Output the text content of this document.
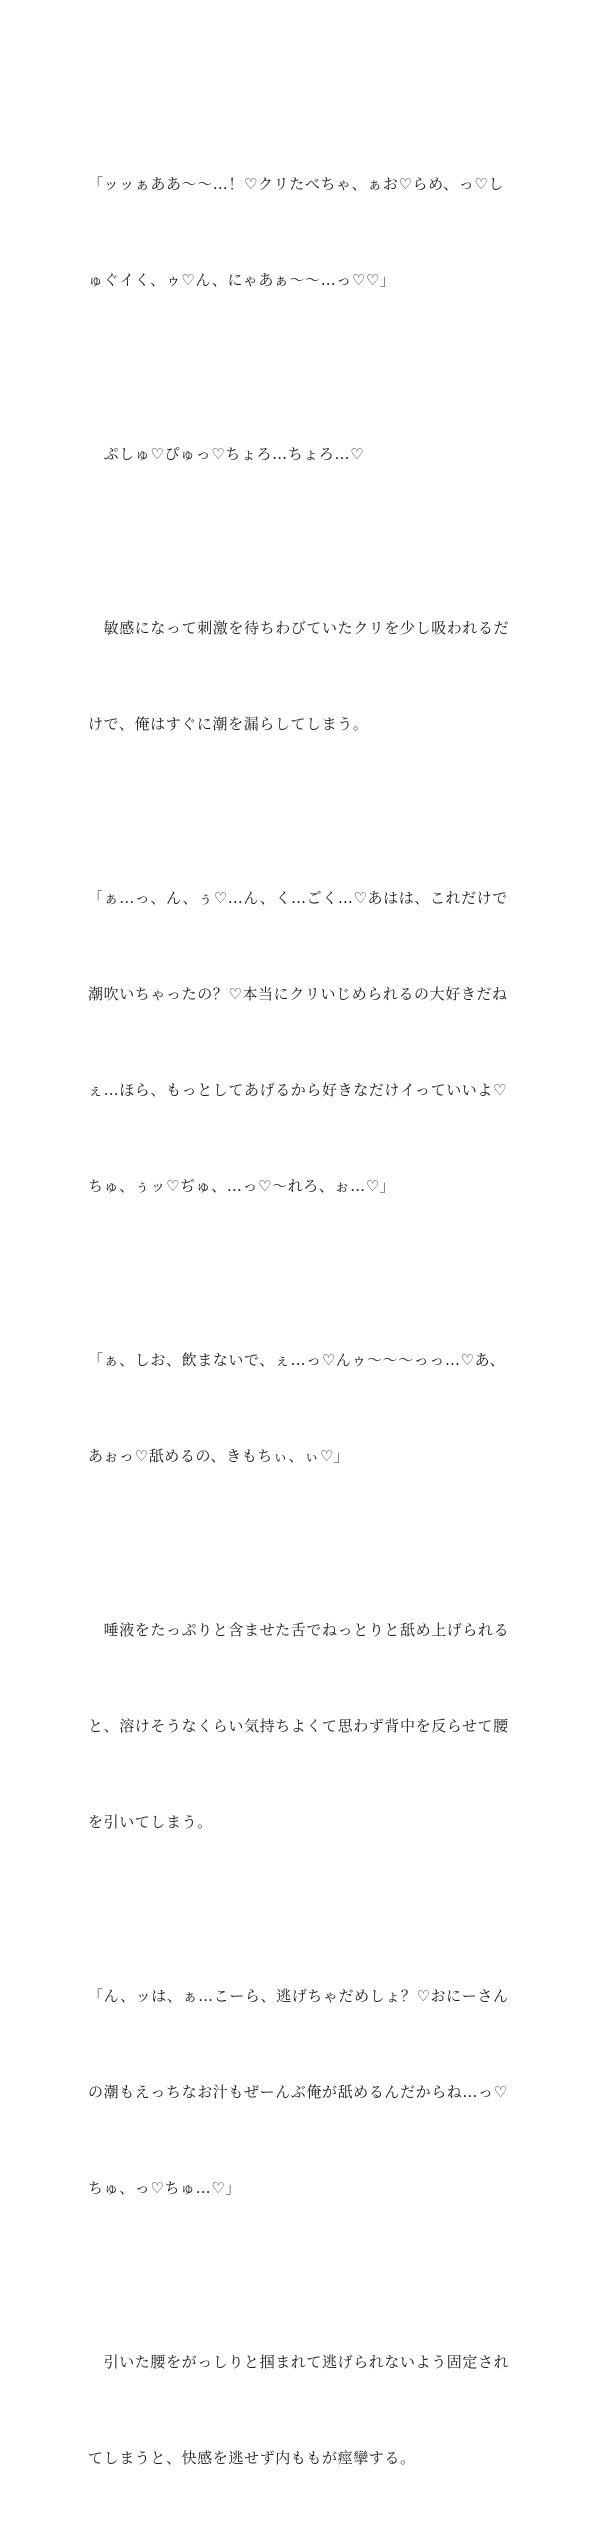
「ッッぁああ〜〜…！♡クリたべちゃ、ぁお♡らめ、っ♡し

ゅぐイく、ゥ♡ん、にゃあぁ〜〜…っ♡♡」

　ぷしゅ♡ぴゅっ♡ちょろ…ちょろ…♡

　敏感になって刺激を待ちわびていたクリを少し吸われるだ

けで、俺はすぐに潮を漏らしてしまう。

「ぁ…っ、ん、ぅ♡…ん、く…ごく…♡あはは、これだけで

潮吹いちゃったの？♡本当にクリいじめられるの大好きだね

ぇ…ほら、もっとしてあげるから好きなだけイっていいよ♡

ちゅ、ぅッ♡ぢゅ、…っ♡〜れろ、ぉ…♡」

「ぁ、しお、飲まないで、ぇ…っ♡んゥ〜〜〜っっ…♡あ、

あぉっ♡舐めるの、きもちぃ、ぃ♡」

　唾液をたっぷりと含ませた舌でねっとりと舐め上げられる

と、溶けそうなくらい気持ちよくて思わず背中を反らせて腰

を引いてしまう。

「ん、ッは、ぁ…こーら、逃げちゃだめしょ？♡おにーさん

の潮もえっちなお汁もぜーんぶ俺が舐めるんだからね…っ♡

ちゅ、っ♡ちゅ…♡」

　引いた腰をがっしりと掴まれて逃げられないよう固定され

てしまうと、快感を逃せず内ももが痙攣する。
